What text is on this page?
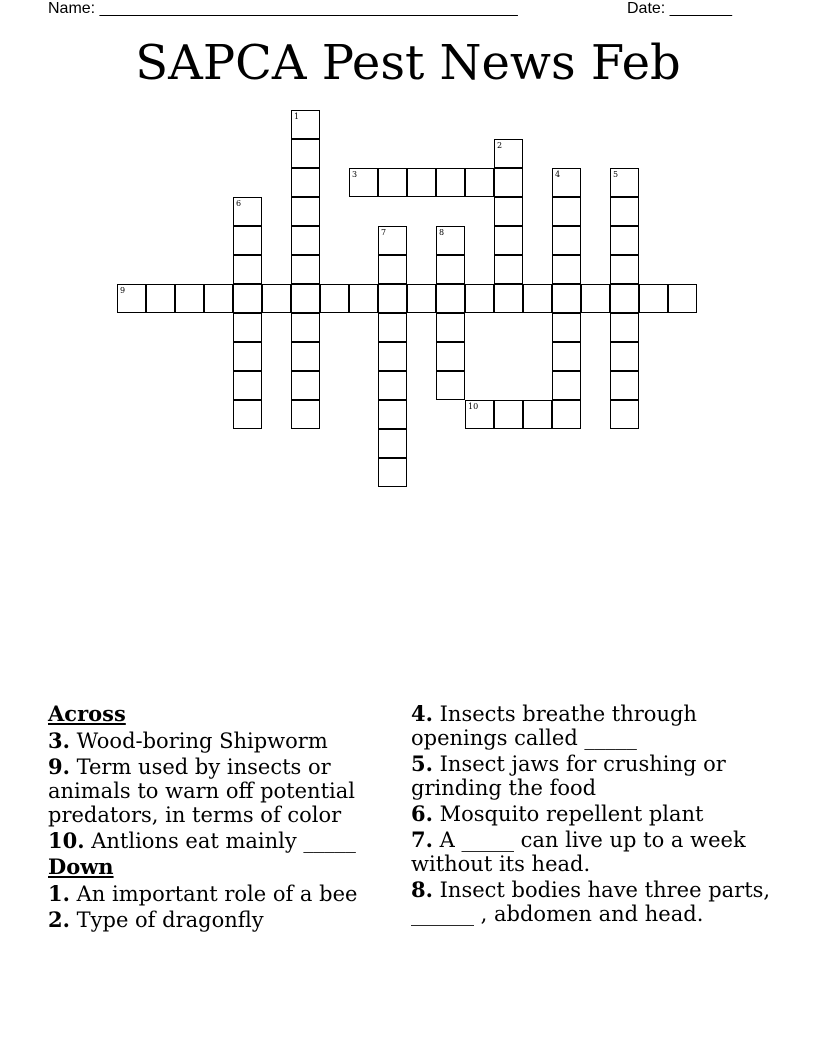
Name: _______________________________________________	Date: _______
SAPCA Pest News Feb
1
2
3	4	5
6
7	8
9
10
Across
3. Wood-boring Shipworm
9. Term used by insects or animals to warn off potential predators, in terms of color
10. Antlions eat mainly _____
Down
1. An important role of a bee
2. Type of dragonfly
4. Insects breathe through openings called _____
5. Insect jaws for crushing or grinding the food
6. Mosquito repellent plant
7. A _____ can live up to a week without its head.
8. Insect bodies have three parts, ______ , abdomen and head.
